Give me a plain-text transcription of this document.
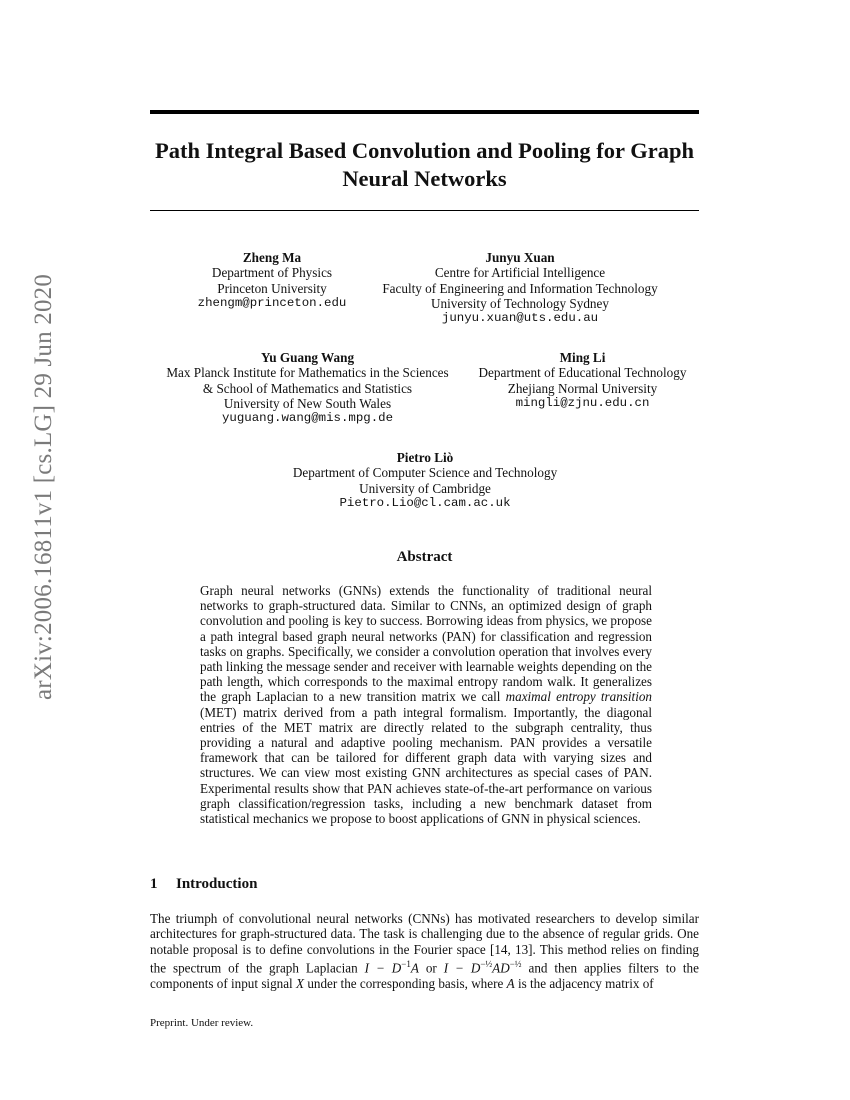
arXiv:2006.16811v1 [cs.LG] 29 Jun 2020
Path Integral Based Convolution and Pooling for Graph Neural Networks
Zheng Ma
Department of Physics
Princeton University
zhengm@princeton.edu
Junyu Xuan
Centre for Artificial Intelligence
Faculty of Engineering and Information Technology
University of Technology Sydney
junyu.xuan@uts.edu.au
Yu Guang Wang
Max Planck Institute for Mathematics in the Sciences
& School of Mathematics and Statistics
University of New South Wales
yuguang.wang@mis.mpg.de
Ming Li
Department of Educational Technology
Zhejiang Normal University
mingli@zjnu.edu.cn
Pietro Liò
Department of Computer Science and Technology
University of Cambridge
Pietro.Lio@cl.cam.ac.uk
Abstract
Graph neural networks (GNNs) extends the functionality of traditional neural networks to graph-structured data. Similar to CNNs, an optimized design of graph convolution and pooling is key to success. Borrowing ideas from physics, we propose a path integral based graph neural networks (PAN) for classification and regression tasks on graphs. Specifically, we consider a convolution operation that involves every path linking the message sender and receiver with learnable weights depending on the path length, which corresponds to the maximal entropy random walk. It generalizes the graph Laplacian to a new transition matrix we call maximal entropy transition (MET) matrix derived from a path integral formalism. Importantly, the diagonal entries of the MET matrix are directly related to the subgraph centrality, thus providing a natural and adaptive pooling mechanism. PAN provides a versatile framework that can be tailored for different graph data with varying sizes and structures. We can view most existing GNN architectures as special cases of PAN. Experimental results show that PAN achieves state-of-the-art performance on various graph classification/regression tasks, including a new benchmark dataset from statistical mechanics we propose to boost applications of GNN in physical sciences.
1 Introduction
The triumph of convolutional neural networks (CNNs) has motivated researchers to develop similar architectures for graph-structured data. The task is challenging due to the absence of regular grids. One notable proposal is to define convolutions in the Fourier space [14, 13]. This method relies on finding the spectrum of the graph Laplacian $I - D^{-1}A$ or $I - D^{-\frac{1}{2}}AD^{-\frac{1}{2}}$ and then applies filters to the components of input signal X under the corresponding basis, where A is the adjacency matrix of
Preprint. Under review.
